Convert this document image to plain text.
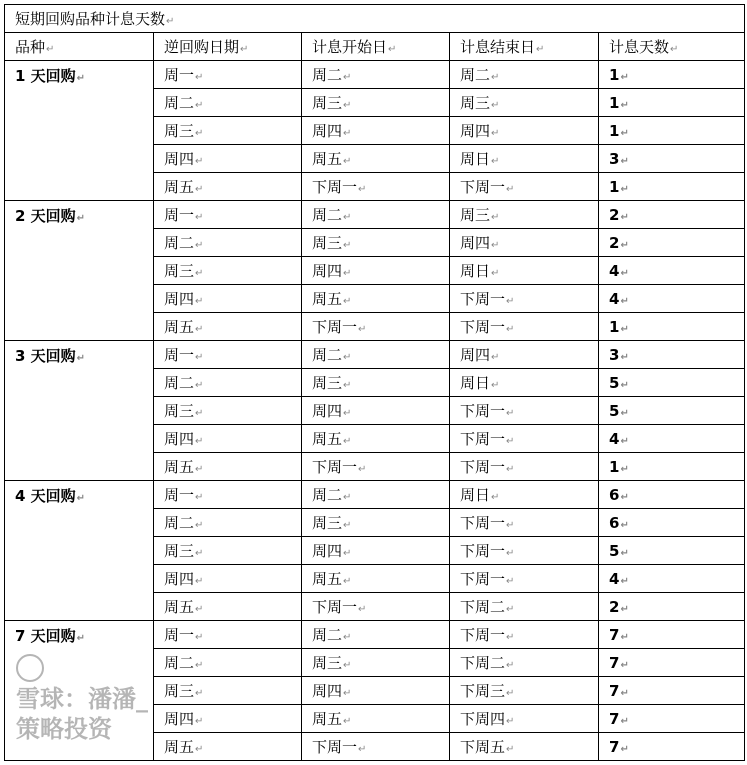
短期回购品种计息天数↵				
品种↵	逆回购日期↵	计息开始日↵	计息结束日↵	计息天数↵
1 天回购↵	周一↵	周二↵	周二↵	1↵
	周二↵	周三↵	周三↵	1↵
	周三↵	周四↵	周四↵	1↵
	周四↵	周五↵	周日↵	3↵
	周五↵	下周一↵	下周一↵	1↵
2 天回购↵	周一↵	周二↵	周三↵	2↵
	周二↵	周三↵	周四↵	2↵
	周三↵	周四↵	周日↵	4↵
	周四↵	周五↵	下周一↵	4↵
	周五↵	下周一↵	下周一↵	1↵
3 天回购↵	周一↵	周二↵	周四↵	3↵
	周二↵	周三↵	周日↵	5↵
	周三↵	周四↵	下周一↵	5↵
	周四↵	周五↵	下周一↵	4↵
	周五↵	下周一↵	下周一↵	1↵
4 天回购↵	周一↵	周二↵	周日↵	6↵
	周二↵	周三↵	下周一↵	6↵
	周三↵	周四↵	下周一↵	5↵
	周四↵	周五↵	下周一↵	4↵
	周五↵	下周一↵	下周二↵	2↵
7 天回购↵	周一↵	周二↵	下周一↵	7↵
	周二↵	周三↵	下周二↵	7↵
	周三↵	周四↵	下周三↵	7↵
	周四↵	周五↵	下周四↵	7↵
	周五↵	下周一↵	下周五↵	7↵
雪球：潘潘_策略投资
